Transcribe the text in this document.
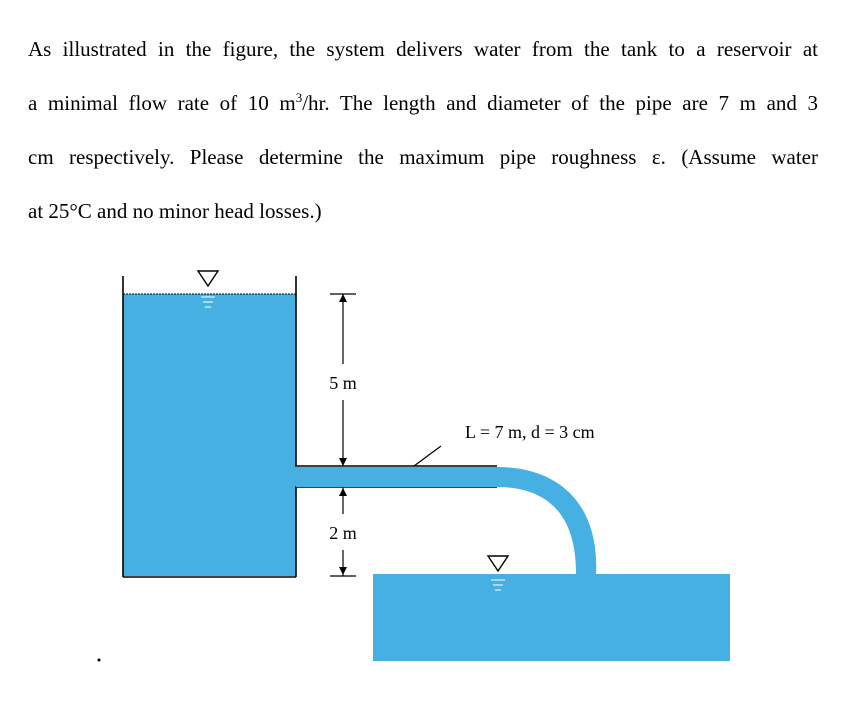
As illustrated in the figure, the system delivers water from the tank to a reservoir at

a minimal flow rate of 10 $m^3/hr$. The length and diameter of the pipe are 7 m and 3

cm respectively. Please determine the maximum pipe roughness ε. (Assume water

at 25°C and no minor head losses.)

5 m
2 m
L = 7 m, d = 3 cm
